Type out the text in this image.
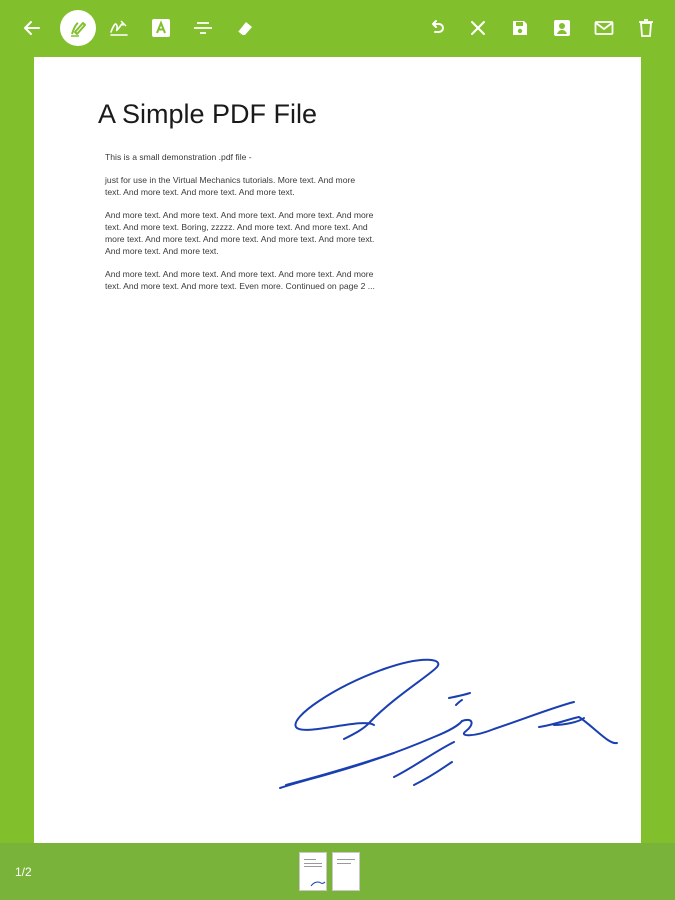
A Simple PDF File
This is a small demonstration .pdf file -
just for use in the Virtual Mechanics tutorials. More text. And more
text. And more text. And more text. And more text.
And more text. And more text. And more text. And more text. And more
text. And more text. Boring, zzzzz. And more text. And more text. And
more text. And more text. And more text. And more text. And more text.
And more text. And more text.
And more text. And more text. And more text. And more text. And more
text. And more text. And more text. Even more. Continued on page 2 ...
1/2
